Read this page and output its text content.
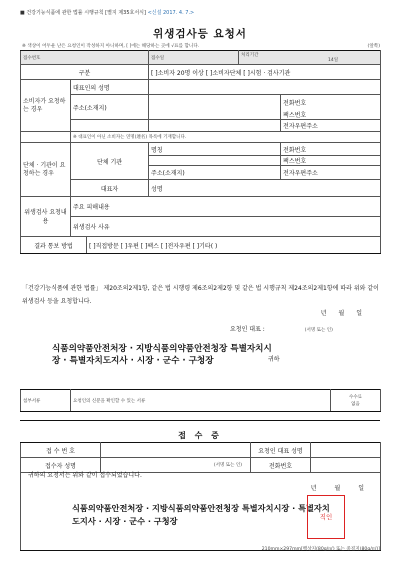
■ 건강기능식품에 관한 법률 시행규칙 [별지 제35호서식] <신설 2017. 4. 7.>
위생검사등 요청서
※ 색상이 어두운 난은 요청인이 작성하지 아니하며, [ ]에는 해당하는 곳에 √표를 합니다.	(앞쪽)
접수번호			접수일	처리기간
14일		

구분			[ ]소비자 20명 이상 [ ]소비자단체 [ ]시험 · 검사기관			
소비자가 요청하는 경우	대표인의 성명					
	주소(소재지)				전화번호	
					팩스번호	
					전자우편주소	
	※ 대표인이 아닌 소비자는 연명(連名) 목록에 기재합니다.					
단체 · 기관이 요청하는 경우	단체 기관		명칭		전화번호	
					팩스번호	
			주소(소재지)		전자우편주소	
	대표자		성명			
위생검사 요청내용	주요 피해내용					
	위생검사 사유					
결과 통보 방법		[ ]직접방문 [ ]우편 [ ]팩스 [ ]전자우편 [ ]기타( )				
「건강기능식품에 관한 법률」 제20조의2제1항, 같은 법 시행령 제6조의2제2항 및 같은 법 시행규칙 제24조의2제1항에 따라 위와 같이 위생검사 등을 요청합니다.
년 월 일
요청인 대표 :	(서명 또는 인)
식품의약품안전처장 · 지방식품의약품안전청장 특별자치시장 · 특별자치도지사 · 시장 · 군수 · 구청장	귀하
첨부서류	요청인의 신분을 확인할 수 있는 서류	
수수료
없음
접 수 증
접 수 번 호		요청인 대표 성명	
접수자 성명	(서명 또는 인)	전화번호	

귀하의 요청서는 위와 같이 접수되었습니다.
년 월 일
식품의약품안전처장 · 지방식품의약품안전청장 특별자치시장 · 특별자치도지사 · 시장 · 군수 · 구청장	직인
210mm×297mm[백상지(80g/㎡) 또는 중질지(80g/㎡)]
